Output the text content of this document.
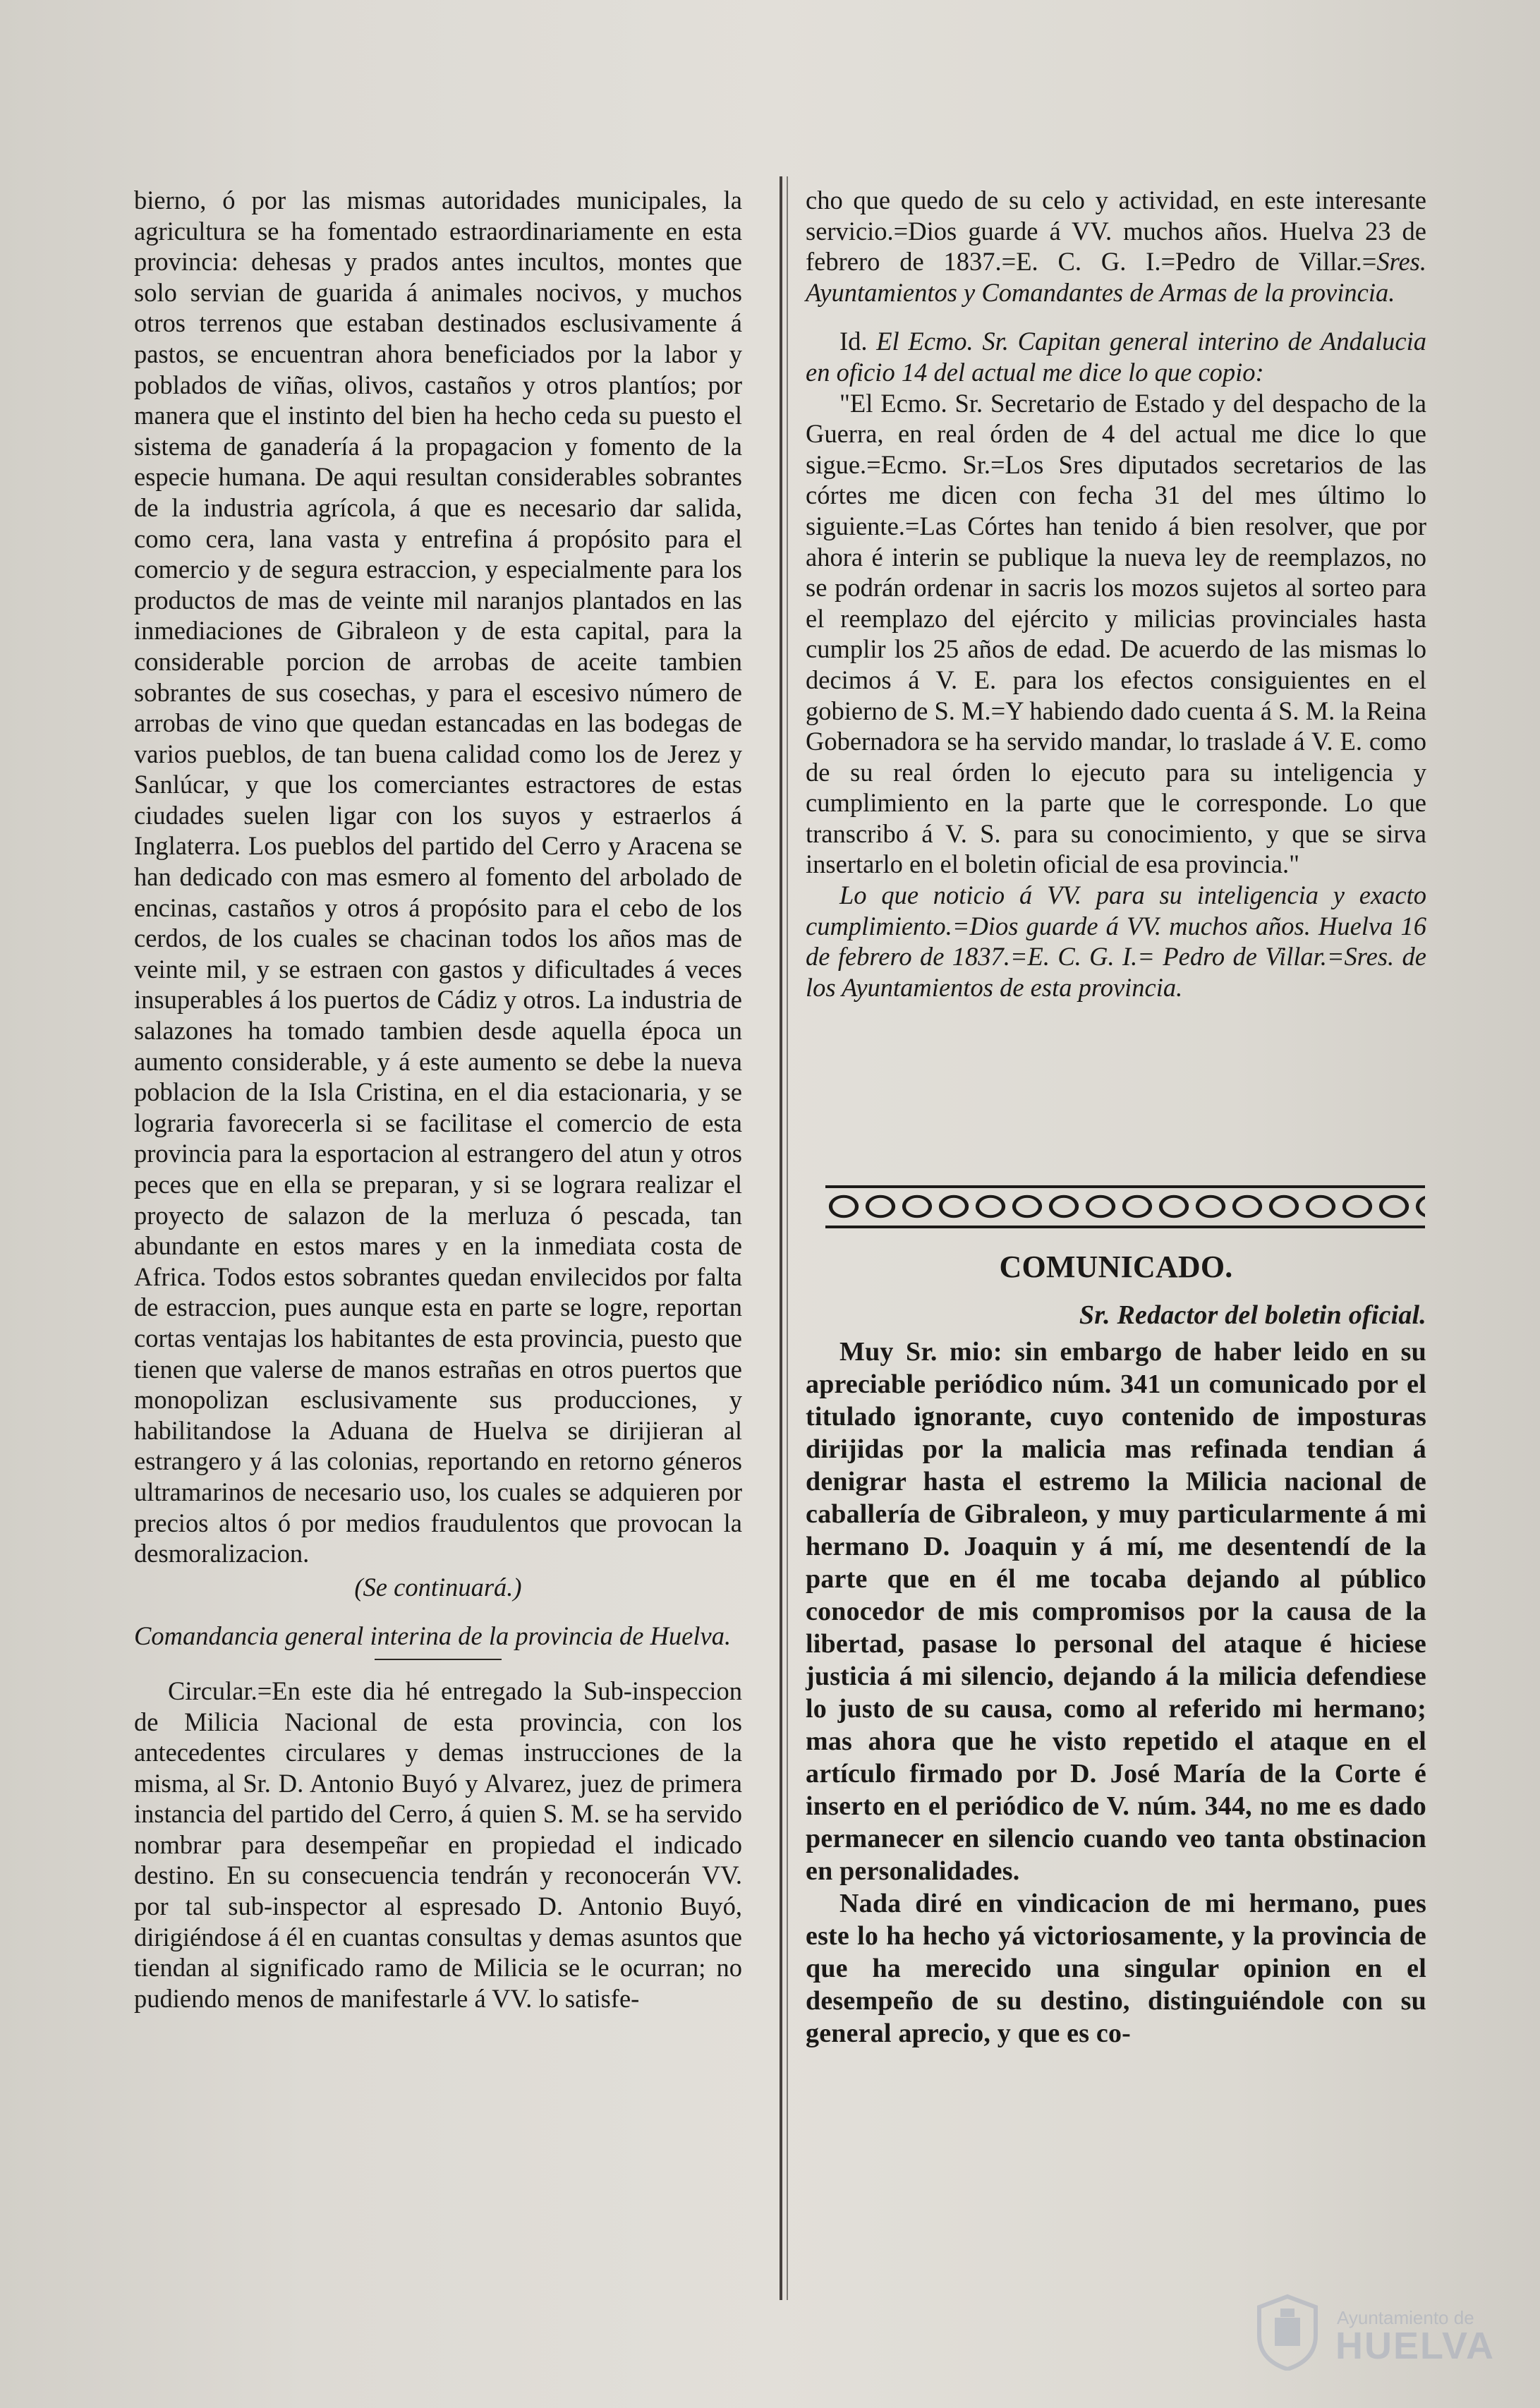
bierno, ó por las mismas autoridades municipales, la agricultura se ha fomentado estraordinariamente en esta provincia: dehesas y prados antes incultos, montes que solo servian de guarida á animales nocivos, y muchos otros terrenos que estaban destinados esclusivamente á pastos, se encuentran ahora beneficiados por la labor y poblados de viñas, olivos, castaños y otros plantíos; por manera que el instinto del bien ha hecho ceda su puesto el sistema de ganadería á la propagacion y fomento de la especie humana. De aqui resultan considerables sobrantes de la industria agrícola, á que es necesario dar salida, como cera, lana vasta y entrefina á propósito para el comercio y de segura estraccion, y especialmente para los productos de mas de veinte mil naranjos plantados en las inmediaciones de Gibraleon y de esta capital, para la considerable porcion de arrobas de aceite tambien sobrantes de sus cosechas, y para el escesivo número de arrobas de vino que quedan estancadas en las bodegas de varios pueblos, de tan buena calidad como los de Jerez y Sanlúcar, y que los comerciantes estractores de estas ciudades suelen ligar con los suyos y estraerlos á Inglaterra. Los pueblos del partido del Cerro y Aracena se han dedicado con mas esmero al fomento del arbolado de encinas, castaños y otros á propósito para el cebo de los cerdos, de los cuales se chacinan todos los años mas de veinte mil, y se estraen con gastos y dificultades á veces insuperables á los puertos de Cádiz y otros. La industria de salazones ha tomado tambien desde aquella época un aumento considerable, y á este aumento se debe la nueva poblacion de la Isla Cristina, en el dia estacionaria, y se lograria favorecerla si se facilitase el comercio de esta provincia para la esportacion al estrangero del atun y otros peces que en ella se preparan, y si se lograra realizar el proyecto de salazon de la merluza ó pescada, tan abundante en estos mares y en la inmediata costa de Africa. Todos estos sobrantes quedan envilecidos por falta de estraccion, pues aunque esta en parte se logre, reportan cortas ventajas los habitantes de esta provincia, puesto que tienen que valerse de manos estrañas en otros puertos que monopolizan esclusivamente sus producciones, y habilitandose la Aduana de Huelva se dirijieran al estrangero y á las colonias, reportando en retorno géneros ultramarinos de necesario uso, los cuales se adquieren por precios altos ó por medios fraudulentos que provocan la desmoralizacion.

(Se continuará.)

Comandancia general interina de la provincia de Huelva.

Circular.=En este dia hé entregado la Sub-inspeccion de Milicia Nacional de esta provincia, con los antecedentes circulares y demas instrucciones de la misma, al Sr. D. Antonio Buyó y Alvarez, juez de primera instancia del partido del Cerro, á quien S. M. se ha servido nombrar para desempeñar en propiedad el indicado destino. En su consecuencia tendrán y reconocerán VV. por tal sub-inspector al espresado D. Antonio Buyó, dirigiéndose á él en cuantas consultas y demas asuntos que tiendan al significado ramo de Milicia se le ocurran; no pudiendo menos de manifestarle á VV. lo satisfe-

cho que quedo de su celo y actividad, en este interesante servicio.=Dios guarde á VV. muchos años. Huelva 23 de febrero de 1837.=E. C. G. I.=Pedro de Villar.=Sres. Ayuntamientos y Comandantes de Armas de la provincia.

Id. El Ecmo. Sr. Capitan general interino de Andalucia en oficio 14 del actual me dice lo que copio:

"El Ecmo. Sr. Secretario de Estado y del despacho de la Guerra, en real órden de 4 del actual me dice lo que sigue.=Ecmo. Sr.=Los Sres diputados secretarios de las córtes me dicen con fecha 31 del mes último lo siguiente.=Las Córtes han tenido á bien resolver, que por ahora é interin se publique la nueva ley de reemplazos, no se podrán ordenar in sacris los mozos sujetos al sorteo para el reemplazo del ejército y milicias provinciales hasta cumplir los 25 años de edad. De acuerdo de las mismas lo decimos á V. E. para los efectos consiguientes en el gobierno de S. M.=Y habiendo dado cuenta á S. M. la Reina Gobernadora se ha servido mandar, lo traslade á V. E. como de su real órden lo ejecuto para su inteligencia y cumplimiento en la parte que le corresponde. Lo que transcribo á V. S. para su conocimiento, y que se sirva insertarlo en el boletin oficial de esa provincia."

Lo que noticio á VV. para su inteligencia y exacto cumplimiento.=Dios guarde á VV. muchos años. Huelva 16 de febrero de 1837.=E. C. G. I.= Pedro de Villar.=Sres. de los Ayuntamientos de esta provincia.

COMUNICADO.

Sr. Redactor del boletin oficial.

Muy Sr. mio: sin embargo de haber leido en su apreciable periódico núm. 341 un comunicado por el titulado ignorante, cuyo contenido de imposturas dirijidas por la malicia mas refinada tendian á denigrar hasta el estremo la Milicia nacional de caballería de Gibraleon, y muy particularmente á mi hermano D. Joaquin y á mí, me desentendí de la parte que en él me tocaba dejando al público conocedor de mis compromisos por la causa de la libertad, pasase lo personal del ataque é hiciese justicia á mi silencio, dejando á la milicia defendiese lo justo de su causa, como al referido mi hermano; mas ahora que he visto repetido el ataque en el artículo firmado por D. José María de la Corte é inserto en el periódico de V. núm. 344, no me es dado permanecer en silencio cuando veo tanta obstinacion en personalidades.

Nada diré en vindicacion de mi hermano, pues este lo ha hecho yá victoriosamente, y la provincia de que ha merecido una singular opinion en el desempeño de su destino, distinguiéndole con su general aprecio, y que es co-

Ayuntamiento de
HUELVA
